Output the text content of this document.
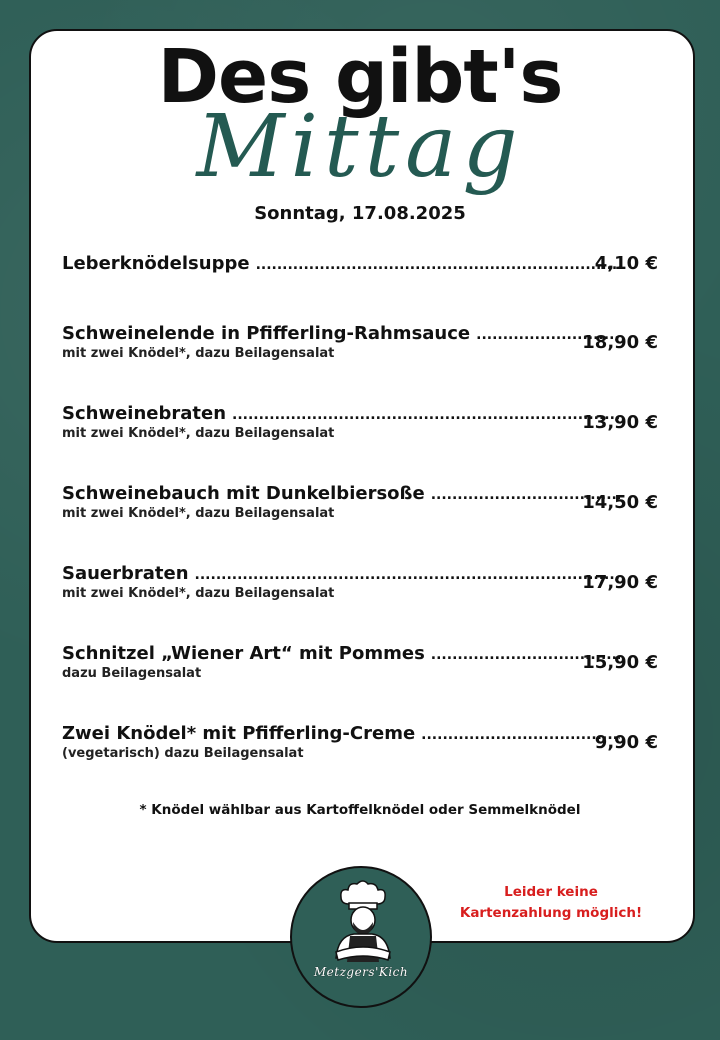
Des gibt's
Mittag
Sonntag, 17.08.2025
Leberknödelsuppe
.....	4,10 €
Schweinelende in Pfifferling-Rahmsauce
.....
mit zwei Knödel*, dazu Beilagensalat
18,90 €
Schweinebraten
.....
mit zwei Knödel*, dazu Beilagensalat
13,90 €
Schweinebauch mit Dunkelbiersoße
.....
mit zwei Knödel*, dazu Beilagensalat
14,50 €
Sauerbraten
.....
mit zwei Knödel*, dazu Beilagensalat
17,90 €
Schnitzel „Wiener Art“ mit Pommes
.....
dazu Beilagensalat
15,90 €
Zwei Knödel* mit Pfifferling-Creme
.....
(vegetarisch) dazu Beilagensalat
9,90 €
* Knödel wählbar aus Kartoffelknödel oder Semmelknödel
Leider keine
Kartenzahlung möglich!
Metzgers'Kich
